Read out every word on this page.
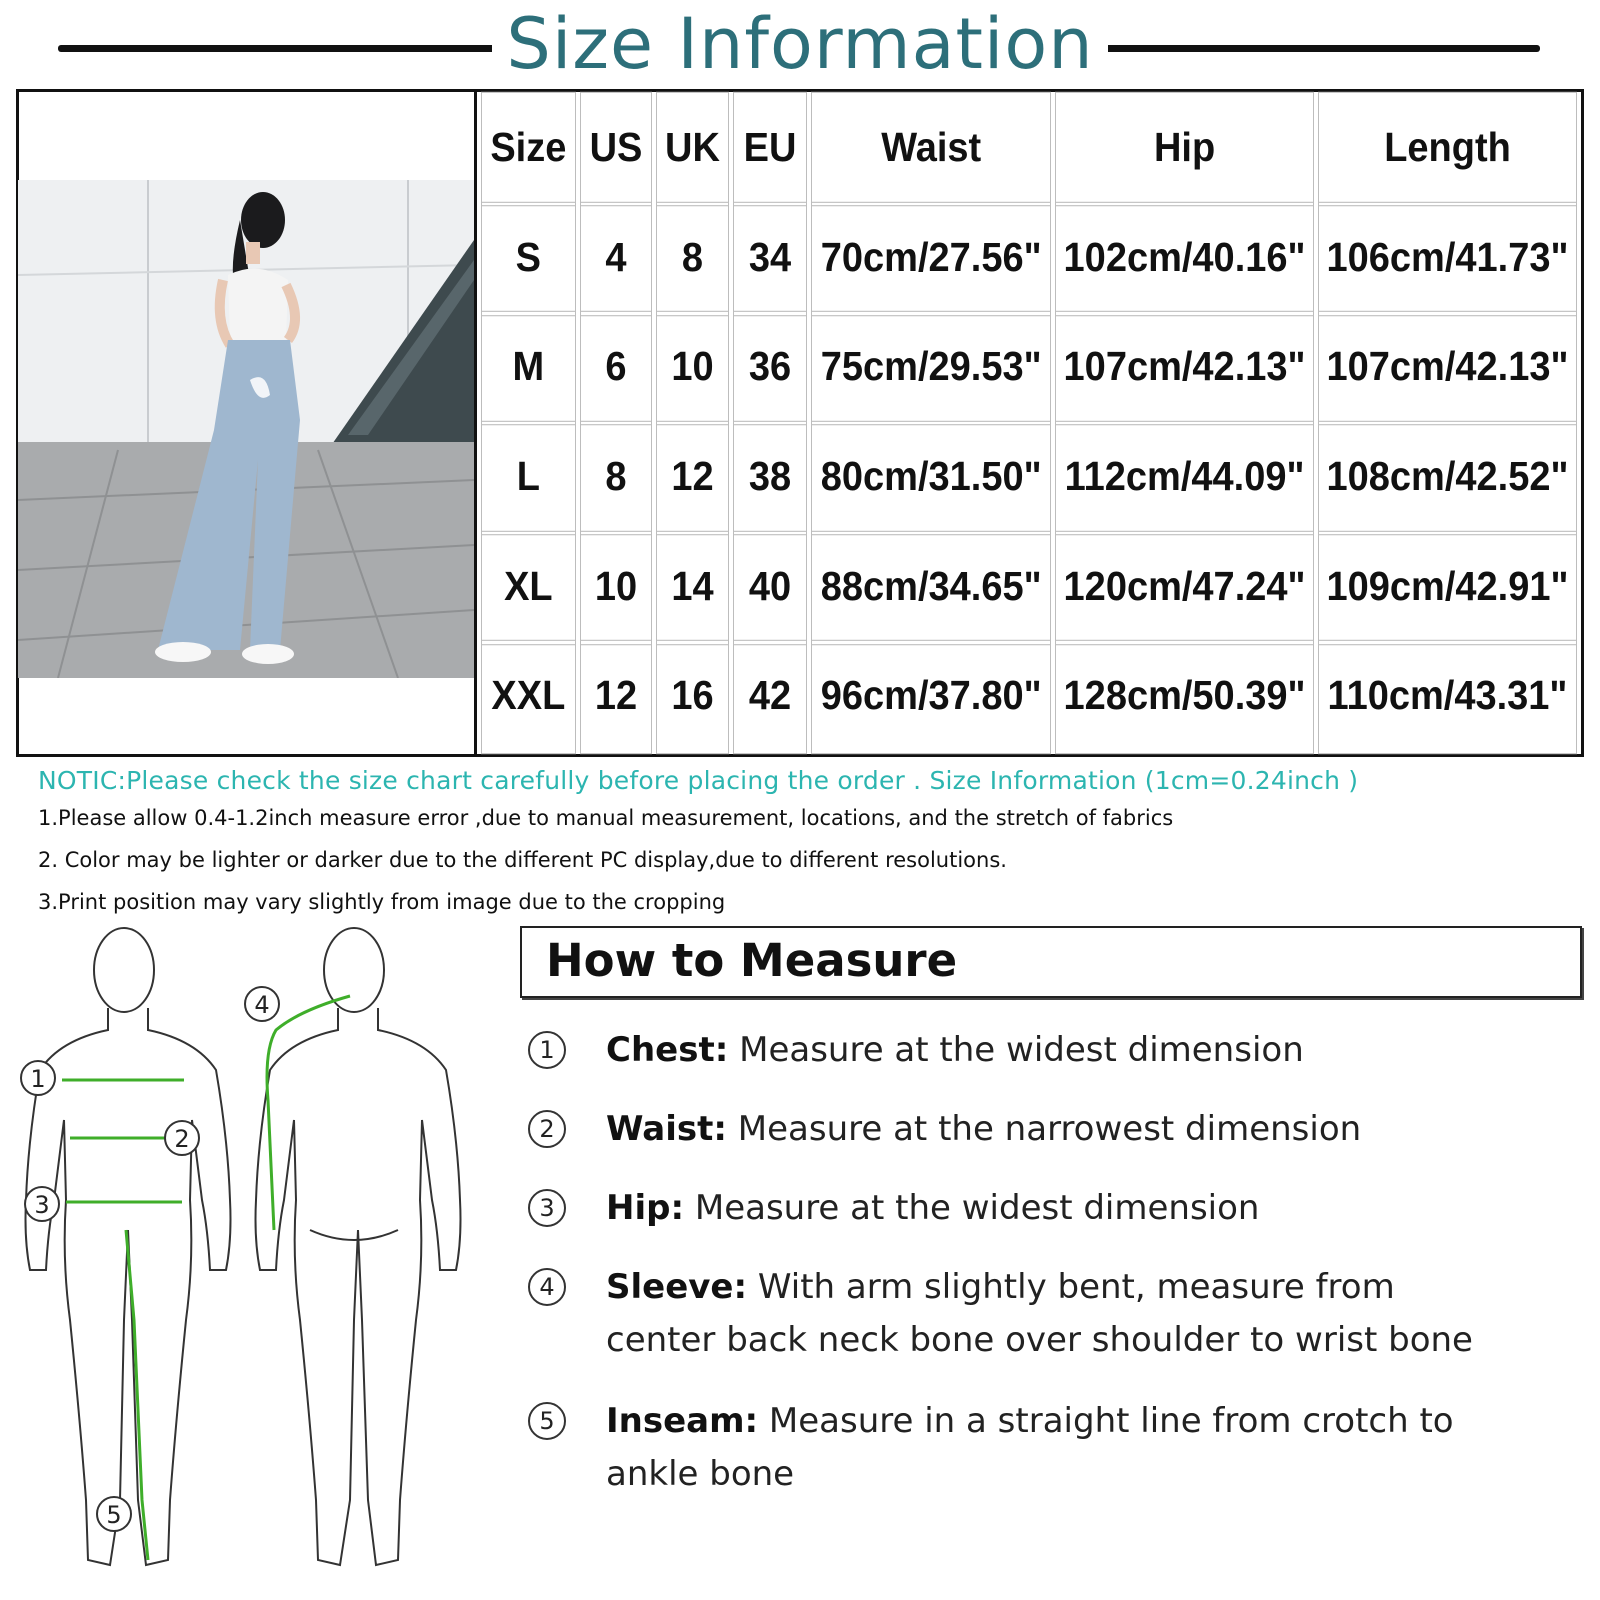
Size Information
Size	US	UK	EU	Waist	Hip	Length
S	4	8	34	70cm/27.56"	102cm/40.16"	106cm/41.73"
M	6	10	36	75cm/29.53"	107cm/42.13"	107cm/42.13"
L	8	12	38	80cm/31.50"	112cm/44.09"	108cm/42.52"
XL	10	14	40	88cm/34.65"	120cm/47.24"	109cm/42.91"
XXL	12	16	42	96cm/37.80"	128cm/50.39"	110cm/43.31"
NOTIC:Please check the size chart carefully before placing the order . Size Information (1cm=0.24inch )
1.Please allow 0.4-1.2inch measure error ,due to manual measurement, locations, and the stretch of fabrics
2. Color may be lighter or darker due to the different PC display,due to different resolutions.
3.Print position may vary slightly from image due to the cropping
1
2
3
4
5
How to Measure
1	Chest: Measure at the widest dimension
2	Waist: Measure at the narrowest dimension
3	Hip: Measure at the widest dimension
4	Sleeve: With arm slightly bent, measure from
center back neck bone over shoulder to wrist bone
5	Inseam: Measure in a straight line from crotch to
ankle bone
